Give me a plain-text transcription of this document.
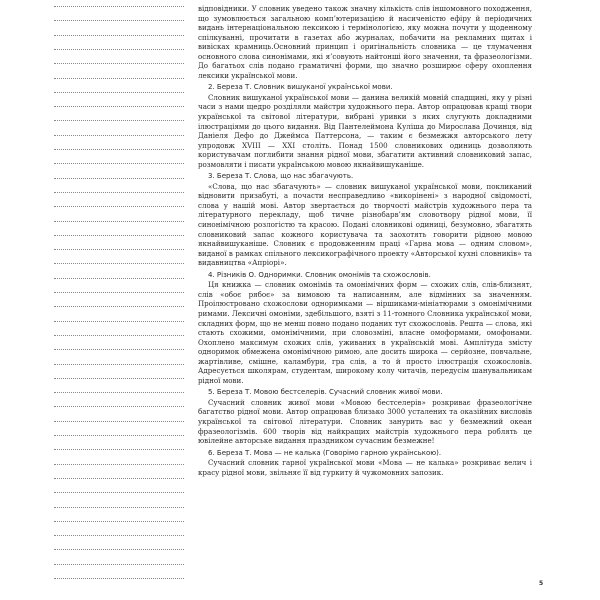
відповідники. У словник уведено також значну кількість слів іншомовного походження, що зумовлюється загальною комп’ютеризацією й насиченістю ефіру й періодичних видань інтернаціональною лексикою і термінологією, яку можна почути у щоденному спілкуванні, прочитати в газетах або журналах, побачити на рекламних щитах і вивісках крамниць.Основний принцип і оригінальність словника — це тлумачення основного слова синонімами, які я’совують найтонші його значення, та фразеологізми. До багатьох слів подано граматичні форми, що значно розширює сферу охоплення лексики української мови.

2. Береза Т. Словник вишуканої української мови.

Словник вишуканої української мови — данина великій мовній спадщині, яку у різні часи з нами щедро розділяли майстри художнього пера. Автор опрацював кращі твори української та світової літератури, вибрані уривки з яких слугують докладними ілюстраціями до цього видання. Від Пантелеймона Куліша до Мирослава Дочинця, від Даніеля Дефо до Джеймса Паттерсона, — таким є безмежжя авторського лету упродовж XVIII — XXI століть. Понад 1500 словникових одиниць дозволяють користувачам поглибити знання рідної мови, збагатити активний словниковий запас, розмовляти і писати українською мовою якнайвишуканіше.

3. Береза Т. Слова, що нас збагачують.

«Слова, що нас збагачують» — словник вишуканої української мови, покликаний відновити призабуті, а почасти несправедливо «викорінені» з народної свідомості, слова у нашій мові. Автор звертається до творчості майстрів художнього пера та літературного перекладу, щоб тичне різнобарв’ям словотвору рідної мови, її синонімічною розлогістю та красою. Подані словникові одиниці, безумовно, збагатять словниковий запас кожного користувача та заохотять говорити рідною мовою якнайвишуканіше. Словник є продовженням праці «Гарна мова — одним словом», виданої в рамках спільного лексикографічного проекту «Авторської кухні словників» та видавництва «Апріорі».

4. Різників О. Одноримки. Словник омонімів та схожословів.

Ця книжка — словник омонімів та омонімічних форм — схожих слів, слів-близнят, слів «обоє рябоє» за вимовою та написанням, але відмінних за значенням. Проілюстровано схожослови одноримками — віршиками-мініатюрами з омонімічними римами. Лексичні омоніми, здебільшого, взяті з 11-томного Словника української мови, складних форм, що не менш повно подано поданих тут схожословів. Решта — слова, які стають схожими, омонімічними, при словозміні, власне омоформами, омофонами. Охоплено максимум схожих слів, уживаних в українській мові. Амплітуда змісту одноримок обмежена омонімічною римою, але досить широка — серйозне, повчальне, жартівливе, смішне, каламбури, гра слів, а то й просто ілюстрація схожословів. Адресується школярам, студентам, широкому колу читачів, передусім шанувальникам рідної мови.

5. Береза Т. Мовою бестселерів. Сучасний словник живої мови.

Сучасний словник живої мови «Мовою бестселерів» розкриває фразеологічне багатство рідної мови. Автор опрацював близько 3000 усталених та оказійних висловів української та світової літератури. Словник занурить вас у безмежний океан фразеологізмів. 600 творів від найкращих майстрів художнього пера роблять це ювілейне авторське видання праздником сучасним безмежне!

6. Береза Т. Мова — не калька (Говорімо гарною українською).

Сучасний словник гарної української мови «Мова — не калька» розкриває велич і красу рідної мови, звільняє її від гуркиту й чужомовних запозик.

5
